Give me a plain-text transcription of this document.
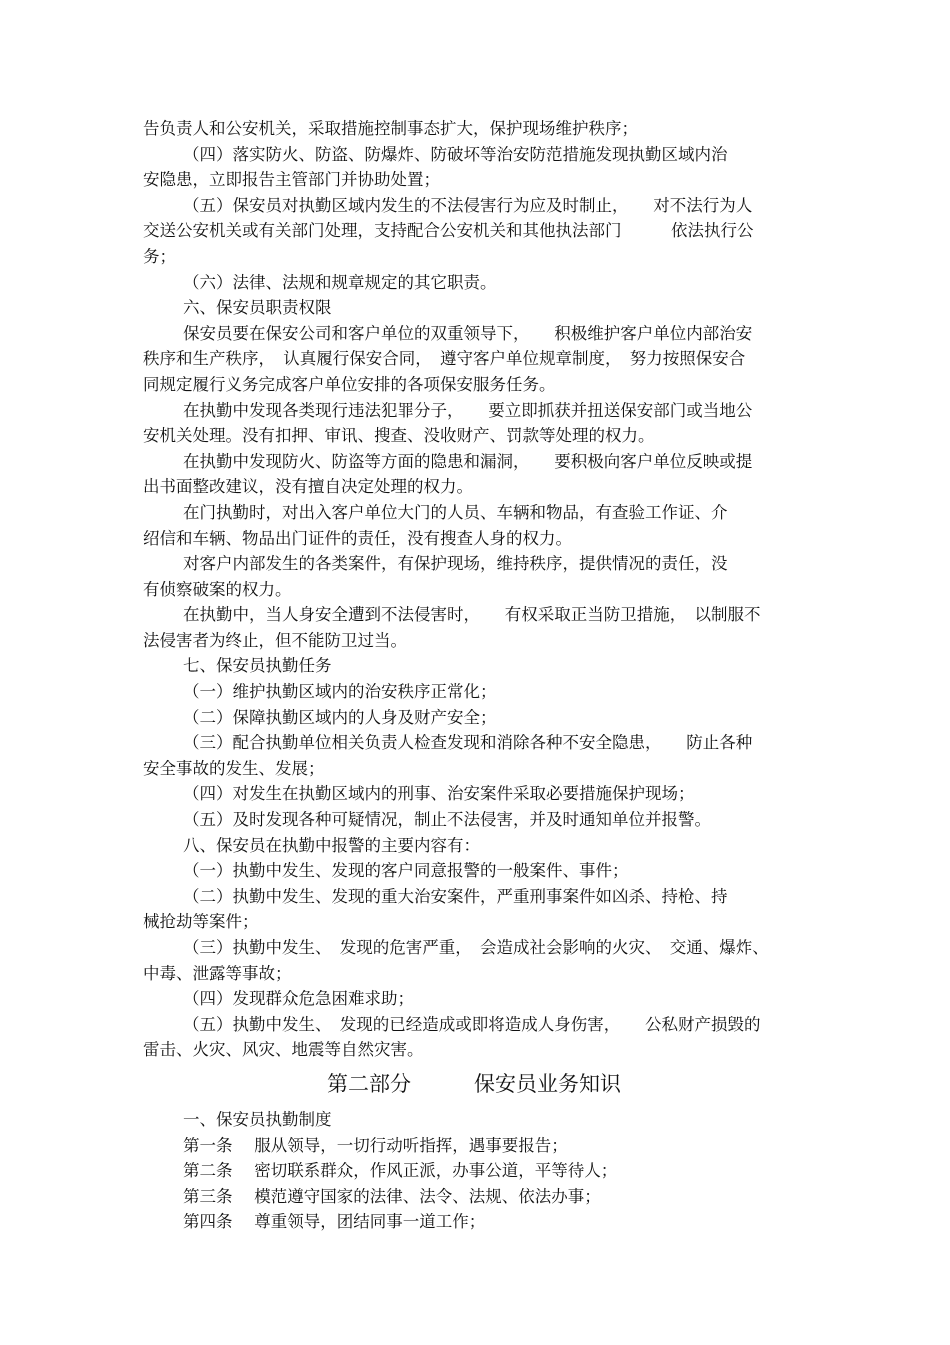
告负责人和公安机关，采取措施控制事态扩大，保护现场维护秩序；
（四）落实防火、防盗、防爆炸、防破坏等治安防范措施发现执勤区域内治
安隐患，立即报告主管部门并协助处置；
（五）保安员对执勤区域内发生的不法侵害行为应及时制止，　　对不法行为人
交送公安机关或有关部门处理，支持配合公安机关和其他执法部门　　　依法执行公
务；
（六）法律、法规和规章规定的其它职责。
六、保安员职责权限
保安员要在保安公司和客户单位的双重领导下，　　积极维护客户单位内部治安
秩序和生产秩序，　认真履行保安合同，　遵守客户单位规章制度，　努力按照保安合
同规定履行义务完成客户单位安排的各项保安服务任务。
在执勤中发现各类现行违法犯罪分子，　　要立即抓获并扭送保安部门或当地公
安机关处理。没有扣押、审讯、搜查、没收财产、罚款等处理的权力。
在执勤中发现防火、防盗等方面的隐患和漏洞，　　要积极向客户单位反映或提
出书面整改建议，没有擅自决定处理的权力。
在门执勤时，对出入客户单位大门的人员、车辆和物品，有查验工作证、介
绍信和车辆、物品出门证件的责任，没有搜查人身的权力。
对客户内部发生的各类案件，有保护现场，维持秩序，提供情况的责任，没
有侦察破案的权力。
在执勤中，当人身安全遭到不法侵害时，　　有权采取正当防卫措施，　以制服不
法侵害者为终止，但不能防卫过当。
七、保安员执勤任务
（一）维护执勤区域内的治安秩序正常化；
（二）保障执勤区域内的人身及财产安全；
（三）配合执勤单位相关负责人检查发现和消除各种不安全隐患，　　防止各种
安全事故的发生、发展；
（四）对发生在执勤区域内的刑事、治安案件采取必要措施保护现场；
（五）及时发现各种可疑情况，制止不法侵害，并及时通知单位并报警。
八、保安员在执勤中报警的主要内容有：
（一）执勤中发生、发现的客户同意报警的一般案件、事件；
（二）执勤中发生、发现的重大治安案件，严重刑事案件如凶杀、持枪、持
械抢劫等案件；
（三）执勤中发生、　发现的危害严重，　会造成社会影响的火灾、　交通、爆炸、
中毒、泄露等事故；
（四）发现群众危急困难求助；
（五）执勤中发生、　发现的已经造成或即将造成人身伤害，　　公私财产损毁的
雷击、火灾、风灾、地震等自然灾害。
第二部分　　　保安员业务知识
一、保安员执勤制度
第一条　 服从领导，一切行动听指挥，遇事要报告；
第二条　 密切联系群众，作风正派，办事公道，平等待人；
第三条　 模范遵守国家的法律、法令、法规、依法办事；
第四条　 尊重领导，团结同事一道工作；
